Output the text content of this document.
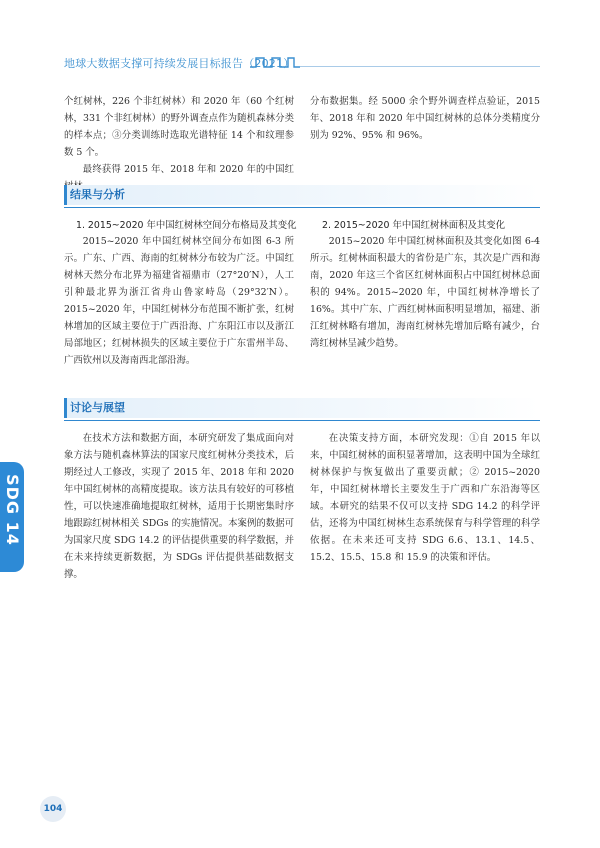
地球大数据支撑可持续发展目标报告（2021）

个红树林，226 个非红树林）和 2020 年（60 个红树林，331 个非红树林）的野外调查点作为随机森林分类的样本点；③分类训练时选取光谱特征 14 个和纹理参数 5 个。

最终获得 2015 年、2018 年和 2020 年的中国红

分布数据集。经 5000 余个野外调查样点验证，2015 年、2018 年和 2020 年中国红树林的总体分类精度分别为 92%、95% 和 96%。

结果与分析
1. 2015~2020 年中国红树林空间分布格局及其变化

2015~2020 年中国红树林空间分布如图 6-3 所示。广东、广西、海南的红树林分布较为广泛。中国红树林天然分布北界为福建省福鼎市（27°20′N），人工引种最北界为浙江省舟山鲁家峙岛（29°32′N）。2015~2020 年，中国红树林分布范围不断扩张，红树林增加的区域主要位于广西沿海、广东阳江市以及浙江局部地区；红树林损失的区域主要位于广东雷州半岛、广西钦州以及海南西北部沿海。

2. 2015~2020 年中国红树林面积及其变化

2015~2020 年中国红树林面积及其变化如图 6-4 所示。红树林面积最大的省份是广东，其次是广西和海南，2020 年这三个省区红树林面积占中国红树林总面积的 94%。2015~2020 年，中国红树林净增长了 16%。其中广东、广西红树林面积明显增加，福建、浙江红树林略有增加，海南红树林先增加后略有减少，台湾红树林呈减少趋势。

讨论与展望

在技术方法和数据方面，本研究研发了集成面向对象方法与随机森林算法的国家尺度红树林分类技术，后期经过人工修改，实现了 2015 年、2018 年和 2020 年中国红树林的高精度提取。该方法具有较好的可移植性，可以快速准确地提取红树林，适用于长期密集时序地跟踪红树林相关 SDGs 的实施情况。本案例的数据可为国家尺度 SDG 14.2 的评估提供重要的科学数据，并在未来持续更新数据，为 SDGs 评估提供基础数据支撑。

在决策支持方面，本研究发现：①自 2015 年以来，中国红树林的面积显著增加，这表明中国为全球红树林保护与恢复做出了重要贡献；② 2015~2020 年，中国红树林增长主要发生于广西和广东沿海等区域。本研究的结果不仅可以支持 SDG 14.2 的科学评估，还将为中国红树林生态系统保育与科学管理的科学依据。在未来还可支持 SDG 6.6、13.1、14.5、15.2、15.5、15.8 和 15.9 的决策和评估。

SDG 14
104
